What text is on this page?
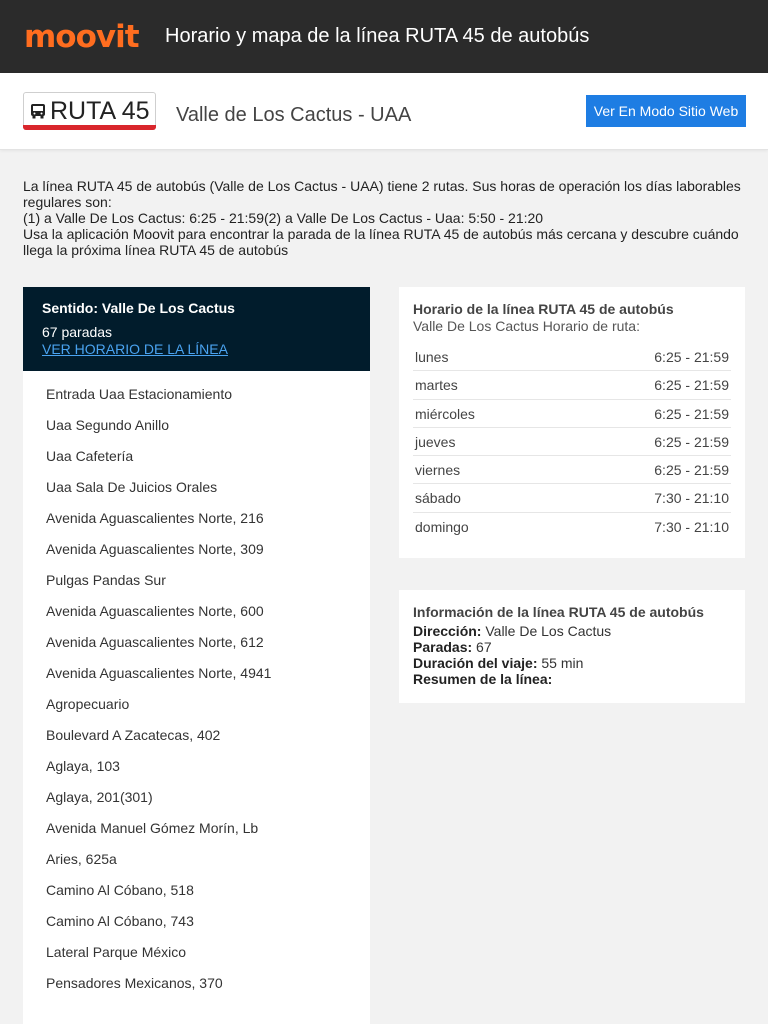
moovit Horario y mapa de la línea RUTA 45 de autobús
RUTA 45 Valle de Los Cactus - UAA	Ver En Modo Sitio Web

La línea RUTA 45 de autobús (Valle de Los Cactus - UAA) tiene 2 rutas. Sus horas de operación los días laborables regulares son:

(1) a Valle De Los Cactus: 6:25 - 21:59(2) a Valle De Los Cactus - Uaa: 5:50 - 21:20

Usa la aplicación Moovit para encontrar la parada de la línea RUTA 45 de autobús más cercana y descubre cuándo llega la próxima línea RUTA 45 de autobús

Sentido: Valle De Los Cactus
67 paradas
VER HORARIO DE LA LÍNEA
Entrada Uaa Estacionamiento
Uaa Segundo Anillo
Uaa Cafetería
Uaa Sala De Juicios Orales
Avenida Aguascalientes Norte, 216
Avenida Aguascalientes Norte, 309
Pulgas Pandas Sur
Avenida Aguascalientes Norte, 600
Avenida Aguascalientes Norte, 612
Avenida Aguascalientes Norte, 4941
Agropecuario
Boulevard A Zacatecas, 402
Aglaya, 103
Aglaya, 201(301)
Avenida Manuel Gómez Morín, Lb
Aries, 625a
Camino Al Cóbano, 518
Camino Al Cóbano, 743
Lateral Parque México
Pensadores Mexicanos, 370
Horario de la línea RUTA 45 de autobús
Valle De Los Cactus Horario de ruta:
lunes	6:25 - 21:59
martes	6:25 - 21:59
miércoles	6:25 - 21:59
jueves	6:25 - 21:59
viernes	6:25 - 21:59
sábado	7:30 - 21:10
domingo	7:30 - 21:10
Información de la línea RUTA 45 de autobús
Dirección: Valle De Los Cactus
Paradas: 67
Duración del viaje: 55 min
Resumen de la línea:
